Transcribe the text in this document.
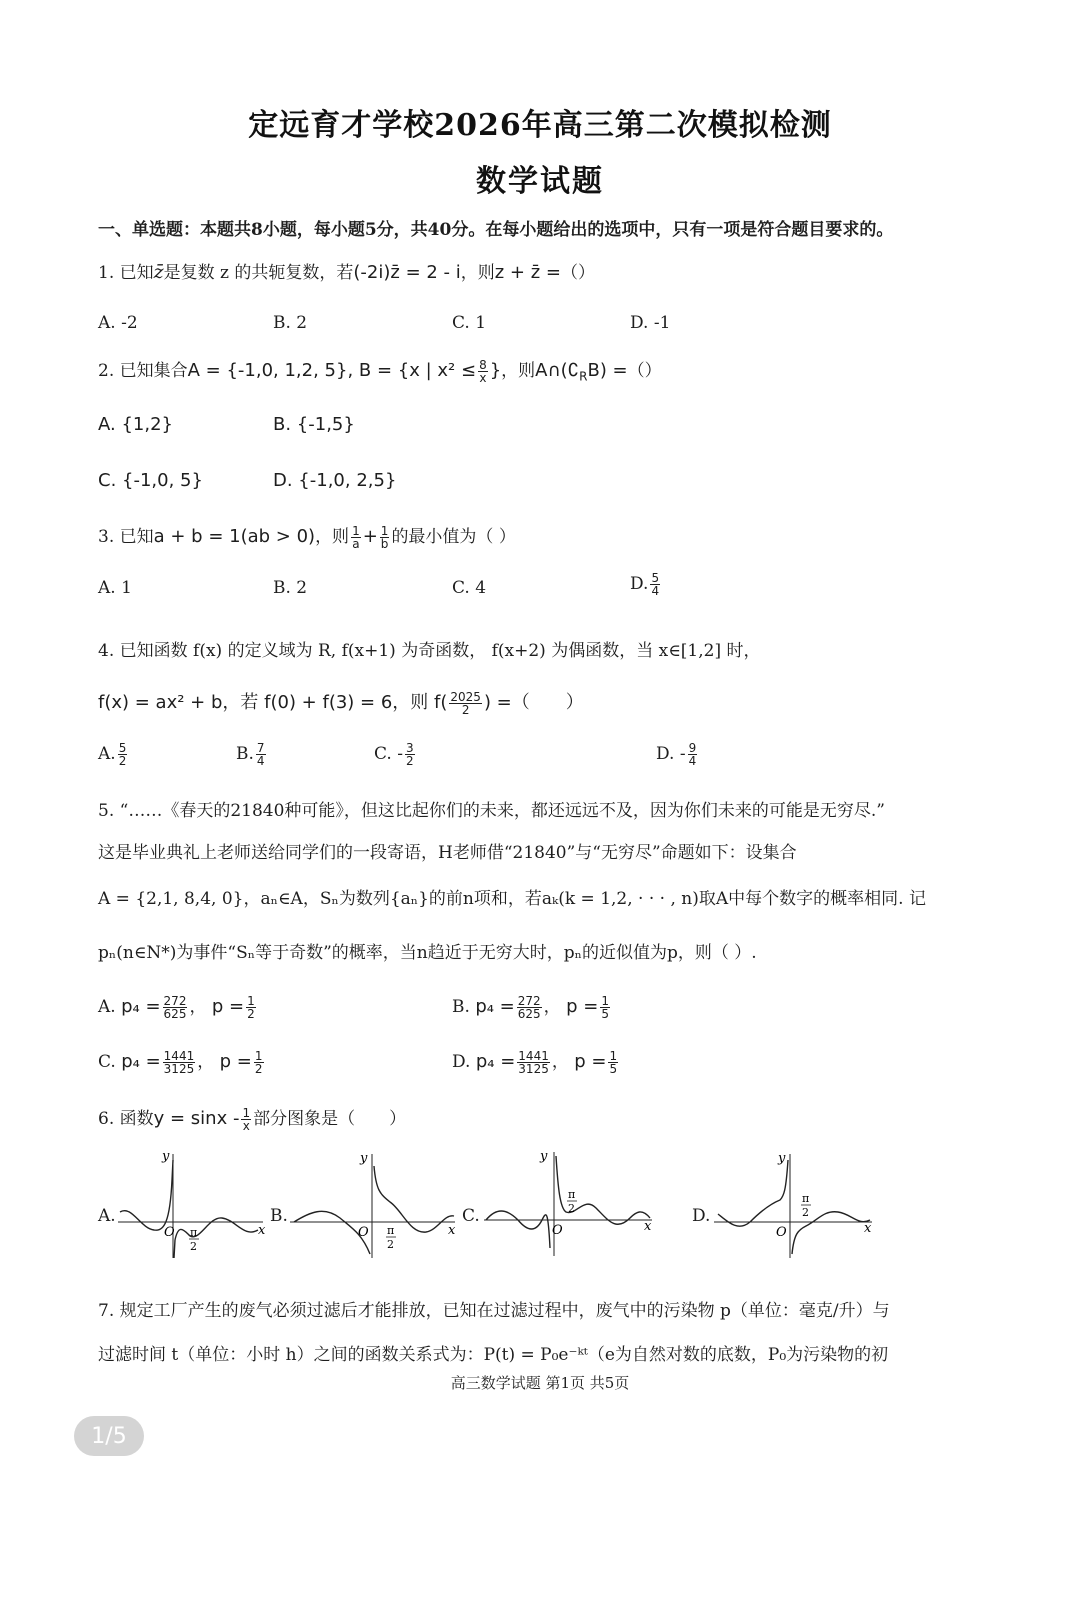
定远育才学校2026年高三第二次模拟检测
数学试题
一、单选题：本题共8小题，每小题5分，共40分。在每小题给出的选项中，只有一项是符合题目要求的。
1. 已知z̄是复数 z 的共轭复数，若(-2i)z̄ = 2 - i，则z + z̄ =（）
A. -2	B. 2	C. 1	D. -1
2. 已知集合A = {-1,0, 1,2, 5}, B = {x | $x^2 \le \frac{8}{x}$ }，则$A\cap(∁_RB)$ =（）
A. {1,2}	B. {-1,5}
C. {-1,0, 5}	D. {-1,0, 2,5}
3. 已知a + b = 1(ab > 0)，则 $\frac{1}{a} + \frac{1}{b}$ 的最小值为（ ）
A. 1	B. 2	C. 4	D. $\frac{5}{4}$
4. 已知函数 f(x) 的定义域为 R, f(x+1) 为奇函数， f(x+2) 为偶函数，当 x∈[1,2] 时，
f(x) = ax² + b，若 f(0) + f(3) = 6，则 $f( \frac{2025}{2}$ ) =（　　）
A. $\frac{5}{2}$	B. $\frac{7}{4}$	C. - $\frac{3}{2}$	D. - $\frac{9}{4}$
5. “……《春天的21840种可能》，但这比起你们的未来，都还远远不及，因为你们未来的可能是无穷尽.”
这是毕业典礼上老师送给同学们的一段寄语，H老师借“21840”与“无穷尽”命题如下：设集合
A = {2,1, 8,4, 0}，aₙ∈A，Sₙ为数列{aₙ}的前n项和，若aₖ(k = 1,2, · · · , n)取A中每个数字的概率相同. 记
pₙ(n∈N*)为事件“Sₙ等于奇数”的概率，当n趋近于无穷大时，pₙ的近似值为p，则（ ）.
A. $p_4 = \frac{272}{625}$ ， $p = \frac{1}{2}$	B. $p_4 = \frac{272}{625}$ ， $p = \frac{1}{5}$
C. $p_4 = \frac{1441}{3125}$ ， $p = \frac{1}{2}$	D. $p_4 = \frac{1441}{3125}$ ， $p = \frac{1}{5}$
6. 函数$y = \sin x - \frac{1}{x}$ 部分图象是（　　）
A.	B.	C.	D.
y
x
O π
2
y
x
O π
2
y
x
O
π
2
y
x
O
π
2
7. 规定工厂产生的废气必须过滤后才能排放，已知在过滤过程中，废气中的污染物 p（单位：毫克/升）与
过滤时间 t（单位：小时 h）之间的函数关系式为：P(t) = P₀e⁻ᵏᵗ（e为自然对数的底数，P₀为污染物的初
高三数学试题 第1页 共5页
1/5
